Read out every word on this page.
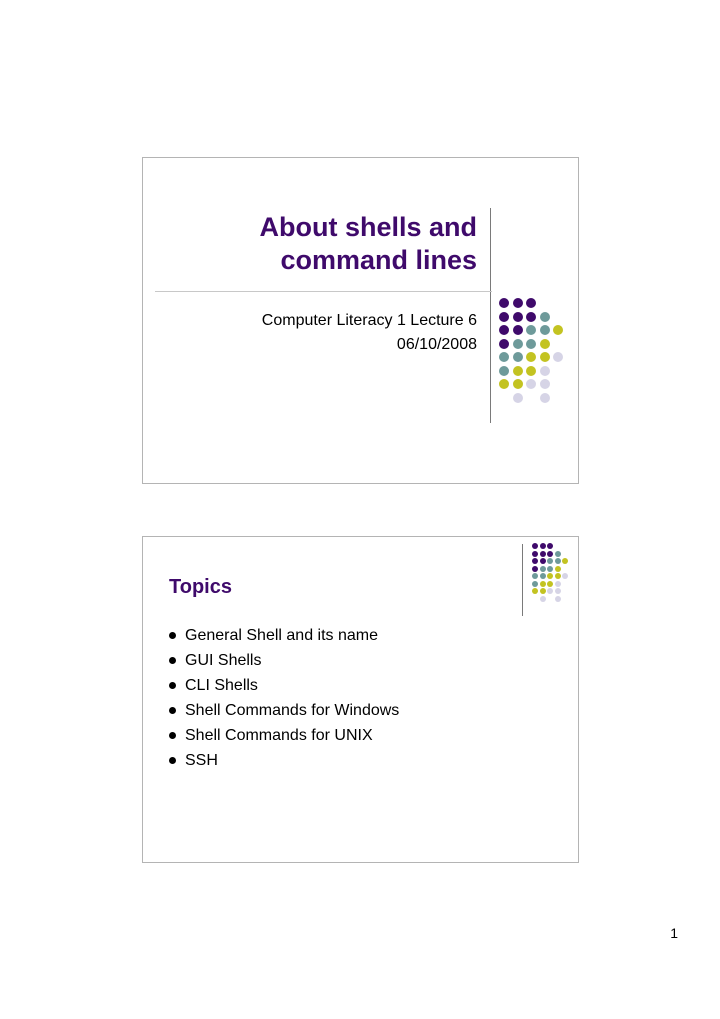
About shells and
command lines
Computer Literacy 1 Lecture 6
06/10/2008
Topics
General Shell and its name
GUI Shells
CLI Shells
Shell Commands for Windows
Shell Commands for UNIX
SSH
1
